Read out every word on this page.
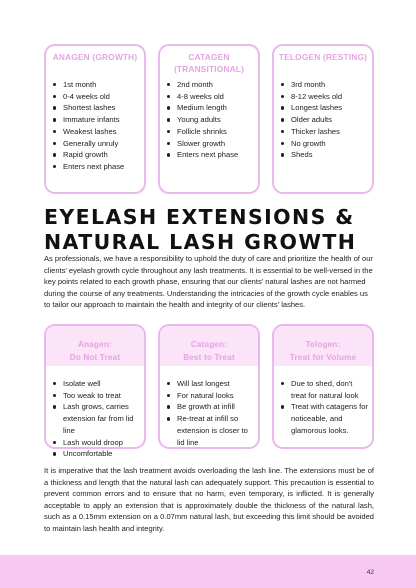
ANAGEN (GROWTH)
1st month
0-4 weeks old
Shortest lashes
Immature infants
Weakest lashes
Generally unruly
Rapid growth
Enters next phase
CATAGEN (TRANSITIONAL)
2nd month
4-8 weeks old
Medium length
Young adults
Follicle shrinks
Slower growth
Enters next phase
TELOGEN (RESTING)
3rd month
8-12 weeks old
Longest lashes
Older adults
Thicker lashes
No growth
Sheds
EYELASH EXTENSIONS & NATURAL LASH GROWTH

As professionals, we have a responsibility to uphold the duty of care and prioritize the health of our clients' eyelash growth cycle throughout any lash treatments. It is essential to be well-versed in the key points related to each growth phase, ensuring that our clients' natural lashes are not harmed during the course of any treatments. Understanding the intricacies of the growth cycle enables us to tailor our approach to maintain the health and integrity of our clients' lashes.

Anagen:
Do Not Treat
Isolate well
Too weak to treat
Lash grows, carries extension far from lid line
Lash would droop
Uncomfortable
Catagen:
Best to Treat
Will last longest
For natural looks
Be growth at infill
Re-treat at infill so extension is closer to lid line
Telogen:
Treat for Volume
Due to shed, don't treat for natural look
Treat with catagens for noticeable, and glamorous looks.

It is imperative that the lash treatment avoids overloading the lash line. The extensions must be of a thickness and length that the natural lash can adequately support. This precaution is essential to prevent common errors and to ensure that no harm, even temporary, is inflicted. It is generally acceptable to apply an extension that is approximately double the thickness of the natural lash, such as a 0.15mm extension on a 0.07mm natural lash, but exceeding this limit should be avoided to maintain lash health and integrity.

42
